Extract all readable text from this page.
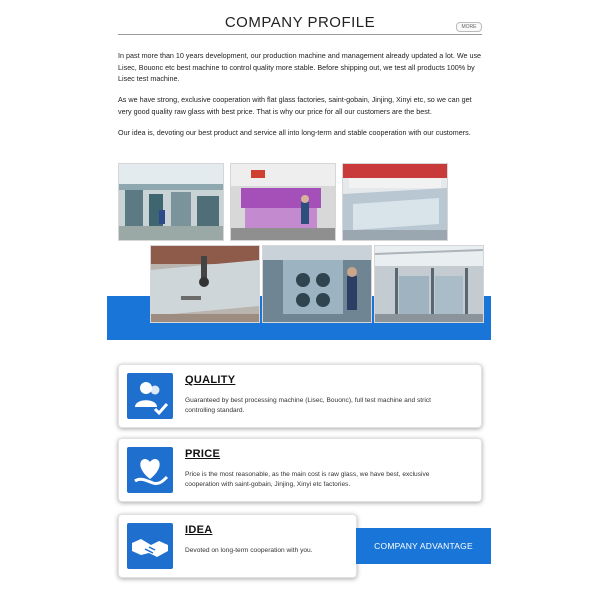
COMPANY PROFILE	MORE
In past more than 10 years development, our production machine and management already updated a lot. We use Lisec, Bouonc etc best machine to control quality more stable. Before shipping out, we test all products 100% by Lisec test machine.
As we have strong, exclusive cooperation with flat glass factories, saint-gobain, Jinjing, Xinyi etc, so we can get very good quality raw glass with best price. That is why our price for all our customers are the best.
Our idea is, devoting our best product and service all into long-term and stable cooperation with our customers.
QUALITY
Guaranteed by best processing machine (Lisec, Bouonc), full test machine and strict controlling standard.
PRICE
Price is the most reasonable, as the main cost is raw glass, we have best, exclusive cooperation with saint-gobain, Jinjing, Xinyi etc factories.
IDEA
Devoted on long-term cooperation with you.	COMPANY ADVANTAGE
